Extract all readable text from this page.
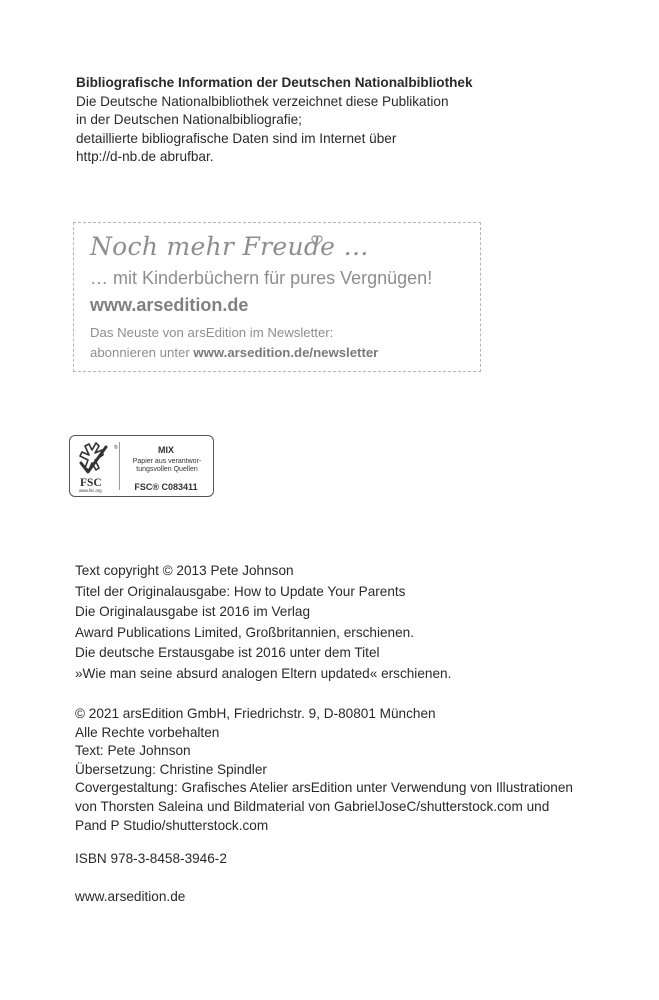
Bibliografische Information der Deutschen Nationalbibliothek
Die Deutsche Nationalbibliothek verzeichnet diese Publikation
in der Deutschen Nationalbibliografie;
detaillierte bibliografische Daten sind im Internet über
http://d-nb.de abrufbar.
Noch mehr Freude …
… mit Kinderbüchern für pures Vergnügen!
www.arsedition.de
Das Neuste von arsEdition im Newsletter:
abonnieren unter www.arsedition.de/newsletter
®
FSC
www.fsc.org
MIX
Papier aus verantwor-
tungsvollen Quellen
FSC® C083411
Text copyright © 2013 Pete Johnson
Titel der Originalausgabe: How to Update Your Parents
Die Originalausgabe ist 2016 im Verlag
Award Publications Limited, Großbritannien, erschienen.
Die deutsche Erstausgabe ist 2016 unter dem Titel
»Wie man seine absurd analogen Eltern updated« erschienen.
© 2021 arsEdition GmbH, Friedrichstr. 9, D-80801 München
Alle Rechte vorbehalten
Text: Pete Johnson
Übersetzung: Christine Spindler
Covergestaltung: Grafisches Atelier arsEdition unter Verwendung von Illustrationen
von Thorsten Saleina und Bildmaterial von GabrielJoseC/shutterstock.com und
Pand P Studio/shutterstock.com
ISBN 978-3-8458-3946-2
www.arsedition.de
